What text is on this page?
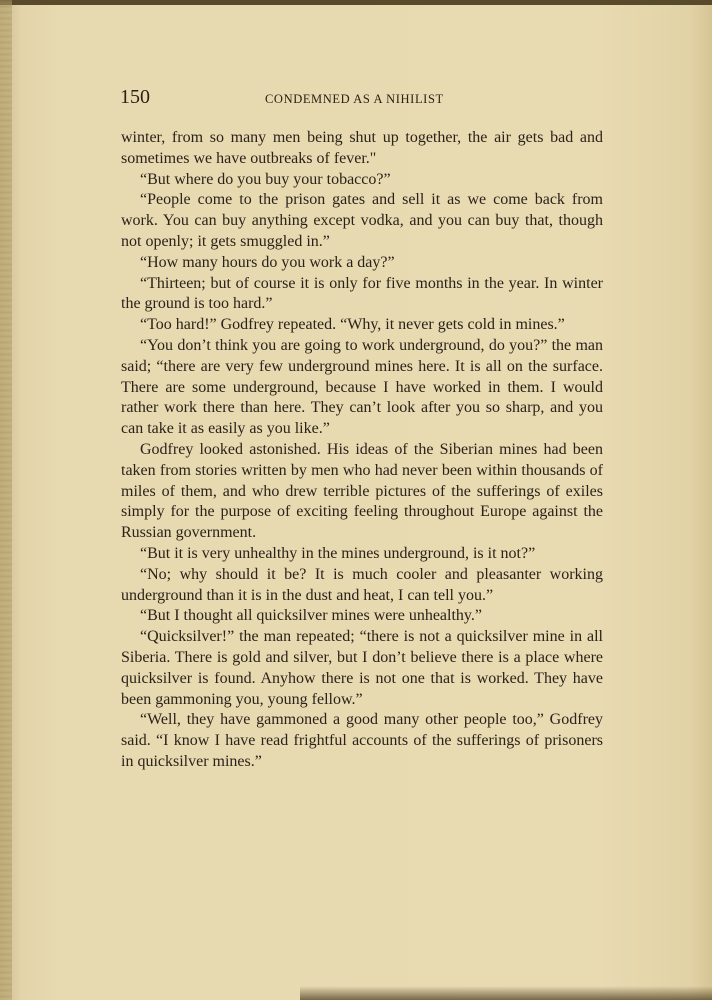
150	CONDEMNED AS A NIHILIST

winter, from so many men being shut up together, the air gets bad and sometimes we have outbreaks of fever."

“But where do you buy your tobacco?”

“People come to the prison gates and sell it as we come back from work. You can buy anything except vodka, and you can buy that, though not openly; it gets smuggled in.”

“How many hours do you work a day?”

“Thirteen; but of course it is only for five months in the year. In winter the ground is too hard.”

“Too hard!” Godfrey repeated. “Why, it never gets cold in mines.”

“You don’t think you are going to work underground, do you?” the man said; “there are very few underground mines here. It is all on the surface. There are some underground, because I have worked in them. I would rather work there than here. They can’t look after you so sharp, and you can take it as easily as you like.”

Godfrey looked astonished. His ideas of the Siberian mines had been taken from stories written by men who had never been within thousands of miles of them, and who drew terrible pictures of the sufferings of exiles simply for the purpose of exciting feeling throughout Europe against the Russian government.

“But it is very unhealthy in the mines underground, is it not?”

“No; why should it be? It is much cooler and pleasanter working underground than it is in the dust and heat, I can tell you.”

“But I thought all quicksilver mines were unhealthy.”

“Quicksilver!” the man repeated; “there is not a quicksilver mine in all Siberia. There is gold and silver, but I don’t believe there is a place where quicksilver is found. Anyhow there is not one that is worked. They have been gammoning you, young fellow.”

“Well, they have gammoned a good many other people too,” Godfrey said. “I know I have read frightful accounts of the sufferings of prisoners in quicksilver mines.”
